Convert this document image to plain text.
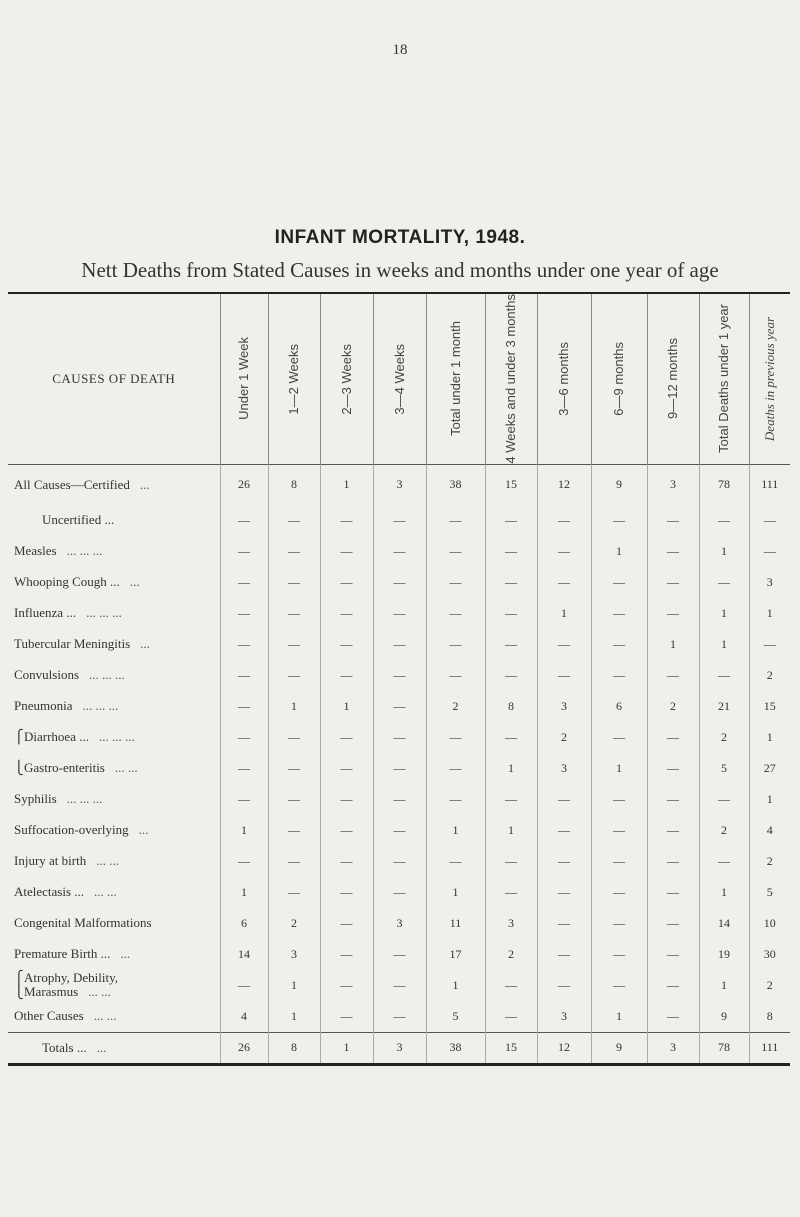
18
INFANT MORTALITY, 1948.
Nett Deaths from Stated Causes in weeks and months under one year of age
CAUSES OF DEATH	Under 1 Week	1—2 Weeks	2—3 Weeks	3—4 Weeks	Total under 1 month	4 Weeks and under 3 months	3—6 months	6—9 months	9—12 months	Total Deaths under 1 year	Deaths in previous year

All Causes—Certified ...	26	8	1	3	38	15	12	9	3	78	111
Uncertified ...	—	—	—	—	—	—	—	—	—	—	—
Measles ... ... ...	—	—	—	—	—	—	—	1	—	1	—
Whooping Cough ... ...	—	—	—	—	—	—	—	—	—	—	3
Influenza ... ... ... ...	—	—	—	—	—	—	1	—	—	1	1
Tubercular Meningitis ...	—	—	—	—	—	—	—	—	1	1	—
Convulsions ... ... ...	—	—	—	—	—	—	—	—	—	—	2
Pneumonia ... ... ...	—	1	1	—	2	8	3	6	2	21	15
⎧Diarrhoea ... ... ... ...	—	—	—	—	—	—	2	—	—	2	1
⎩Gastro-enteritis ... ...	—	—	—	—	—	1	3	1	—	5	27
Syphilis ... ... ...	—	—	—	—	—	—	—	—	—	—	1
Suffocation-overlying ...	1	—	—	—	1	1	—	—	—	2	4
Injury at birth ... ...	—	—	—	—	—	—	—	—	—	—	2
Atelectasis ... ... ...	1	—	—	—	1	—	—	—	—	1	5
Congenital Malformations	6	2	—	3	11	3	—	—	—	14	10
Premature Birth ... ...	14	3	—	—	17	2	—	—	—	19	30
⎧Atrophy, Debility,
⎩Marasmus ... ...	—	1	—	—	1	—	—	—	—	1	2
Other Causes ... ...	4	1	—	—	5	—	3	1	—	9	8
Totals ... ...	26	8	1	3	38	15	12	9	3	78	111
